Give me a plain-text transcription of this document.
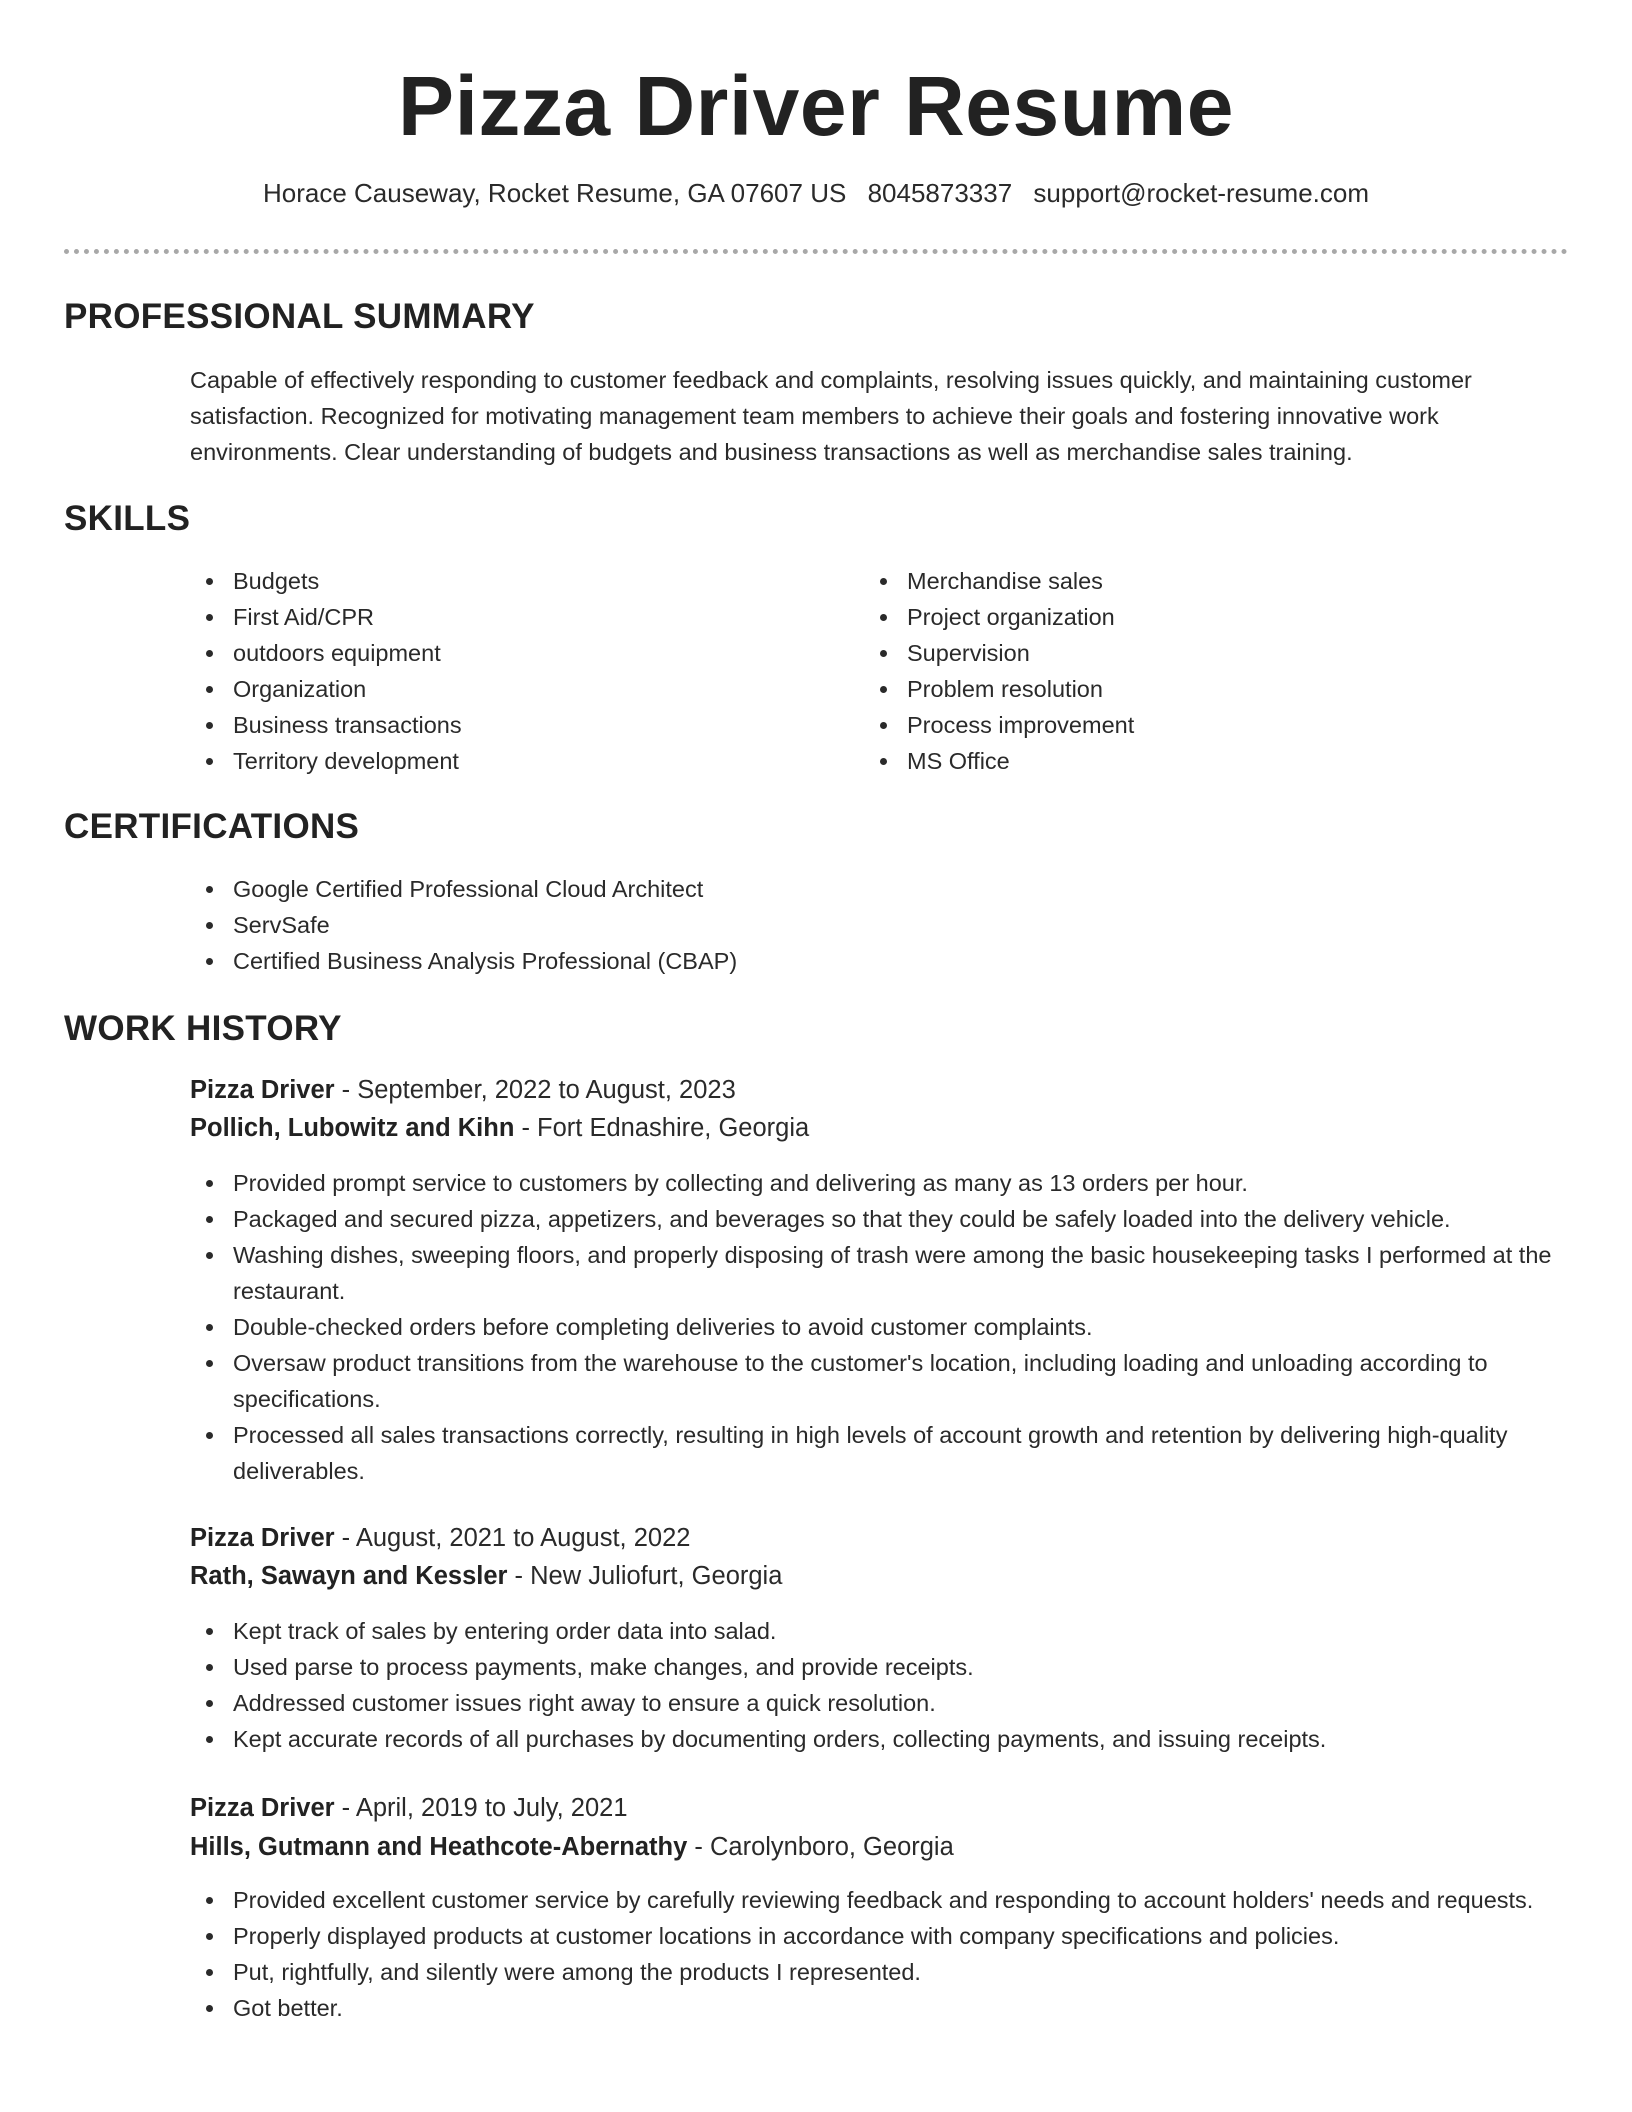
Pizza Driver Resume
Horace Causeway, Rocket Resume, GA 07607 US 8045873337 support@rocket-resume.com
PROFESSIONAL SUMMARY

Capable of effectively responding to customer feedback and complaints, resolving issues quickly, and maintaining customer satisfaction. Recognized for motivating management team members to achieve their goals and fostering innovative work environments. Clear understanding of budgets and business transactions as well as merchandise sales training.

SKILLS
Budgets
First Aid/CPR
outdoors equipment
Organization
Business transactions
Territory development
Merchandise sales
Project organization
Supervision
Problem resolution
Process improvement
MS Office
CERTIFICATIONS
Google Certified Professional Cloud Architect
ServSafe
Certified Business Analysis Professional (CBAP)
WORK HISTORY

Pizza Driver - September, 2022 to August, 2023

Pollich, Lubowitz and Kihn - Fort Ednashire, Georgia

Provided prompt service to customers by collecting and delivering as many as 13 orders per hour.
Packaged and secured pizza, appetizers, and beverages so that they could be safely loaded into the delivery vehicle.
Washing dishes, sweeping floors, and properly disposing of trash were among the basic housekeeping tasks I performed at the restaurant.
Double-checked orders before completing deliveries to avoid customer complaints.
Oversaw product transitions from the warehouse to the customer's location, including loading and unloading according to specifications.
Processed all sales transactions correctly, resulting in high levels of account growth and retention by delivering high-quality deliverables.

Pizza Driver - August, 2021 to August, 2022

Rath, Sawayn and Kessler - New Juliofurt, Georgia

Kept track of sales by entering order data into salad.
Used parse to process payments, make changes, and provide receipts.
Addressed customer issues right away to ensure a quick resolution.
Kept accurate records of all purchases by documenting orders, collecting payments, and issuing receipts.

Pizza Driver - April, 2019 to July, 2021

Hills, Gutmann and Heathcote-Abernathy - Carolynboro, Georgia

Provided excellent customer service by carefully reviewing feedback and responding to account holders' needs and requests.
Properly displayed products at customer locations in accordance with company specifications and policies.
Put, rightfully, and silently were among the products I represented.
Got better.
